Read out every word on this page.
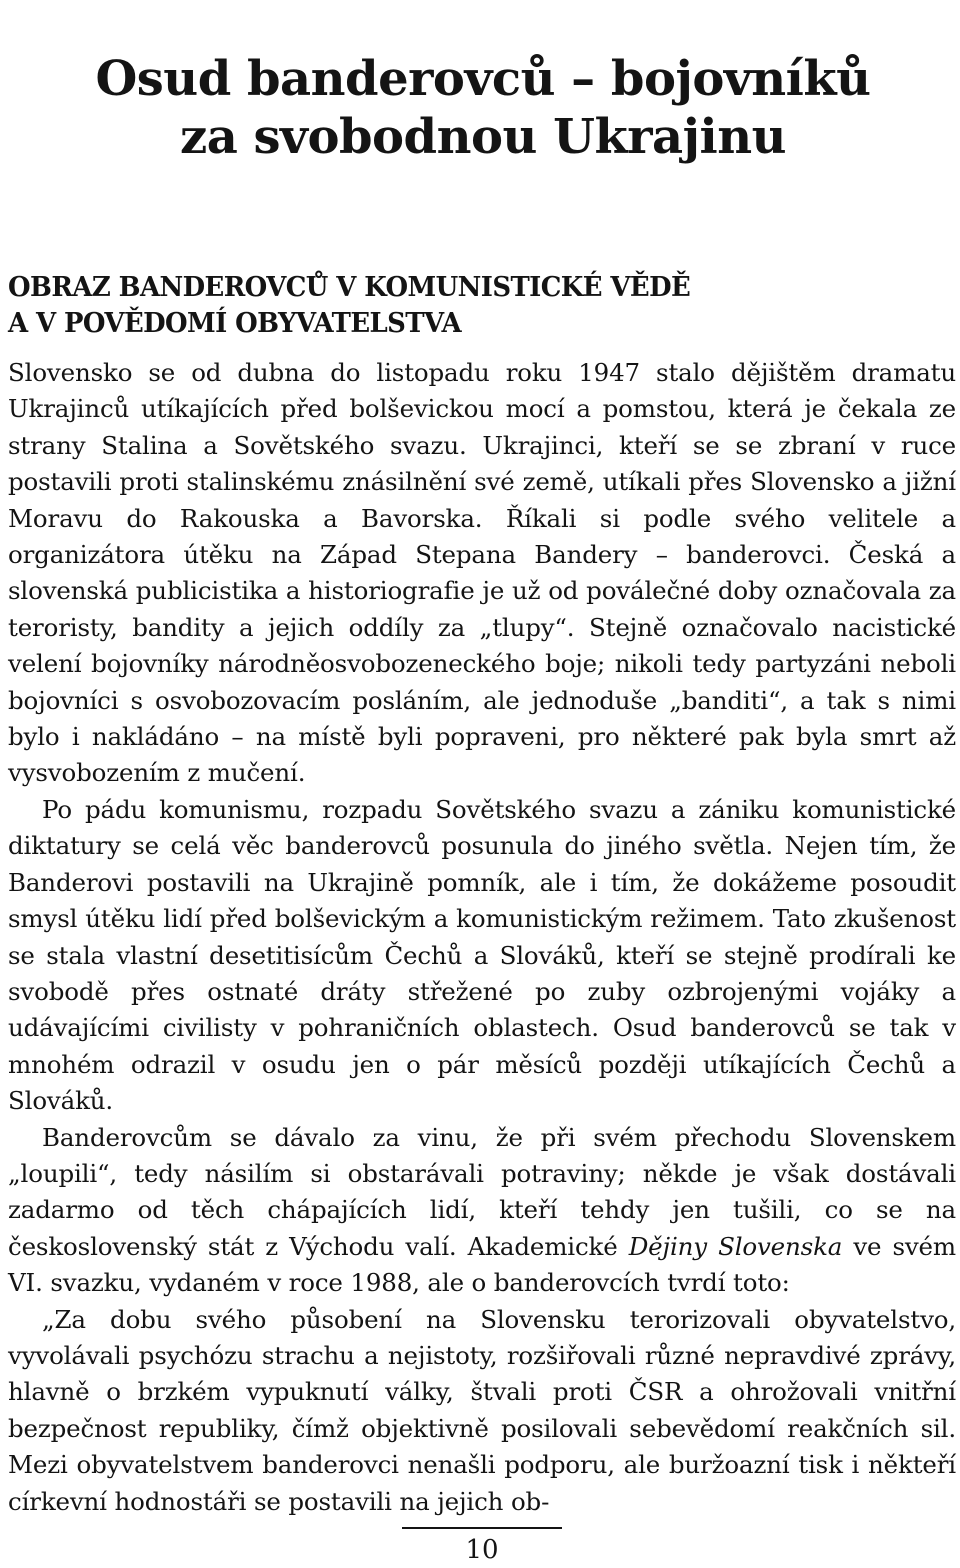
Osud banderovců – bojovníků
za svobodnou Ukrajinu
OBRAZ BANDEROVCŮ V KOMUNISTICKÉ VĚDĚ
A V POVĚDOMÍ OBYVATELSTVA

Slovensko se od dubna do listopadu roku 1947 stalo dějištěm dramatu Ukrajinců utíkajících před bolševickou mocí a pomstou, která je čekala ze strany Stalina a Sovětského svazu. Ukrajinci, kteří se se zbraní v ruce postavili proti stalinskému znásilnění své země, utíkali přes Slovensko a jižní Moravu do Rakouska a Bavorska. Říkali si podle svého velitele a organizátora útěku na Západ Stepana Bandery – banderovci. Česká a slovenská publicistika a historiografie je už od poválečné doby označovala za teroristy, bandity a jejich oddíly za „tlupy“. Stejně označovalo nacistické velení bojovníky národněosvobozeneckého boje; nikoli tedy partyzáni neboli bojovníci s osvobozovacím posláním, ale jednoduše „banditi“, a tak s nimi bylo i nakládáno – na místě byli popraveni, pro některé pak byla smrt až vysvobozením z mučení.

Po pádu komunismu, rozpadu Sovětského svazu a zániku komunistické diktatury se celá věc banderovců posunula do jiného světla. Nejen tím, že Banderovi postavili na Ukrajině pomník, ale i tím, že dokážeme posoudit smysl útěku lidí před bolševickým a komunistickým režimem. Tato zkušenost se stala vlastní desetitisícům Čechů a Slováků, kteří se stejně prodírali ke svobodě přes ostnaté dráty střežené po zuby ozbrojenými vojáky a udávajícími civilisty v pohraničních oblastech. Osud banderovců se tak v mnohém odrazil v osudu jen o pár měsíců později utíkajících Čechů a Slováků.

Banderovcům se dávalo za vinu, že při svém přechodu Slovenskem „loupili“, tedy násilím si obstarávali potraviny; někde je však dostávali zadarmo od těch chápajících lidí, kteří tehdy jen tušili, co se na československý stát z Východu valí. Akademické Dějiny Slovenska ve svém VI. svazku, vydaném v roce 1988, ale o banderovcích tvrdí toto:

„Za dobu svého působení na Slovensku terorizovali obyvatelstvo, vyvolávali psychózu strachu a nejistoty, rozšiřovali různé nepravdivé zprávy, hlavně o brzkém vypuknutí války, štvali proti ČSR a ohrožovali vnitřní bezpečnost republiky, čímž objektivně posilovali sebevědomí reakčních sil. Mezi obyvatelstvem banderovci nenašli podporu, ale buržoazní tisk i někteří církevní hodnostáři se postavili na jejich ob-

10
